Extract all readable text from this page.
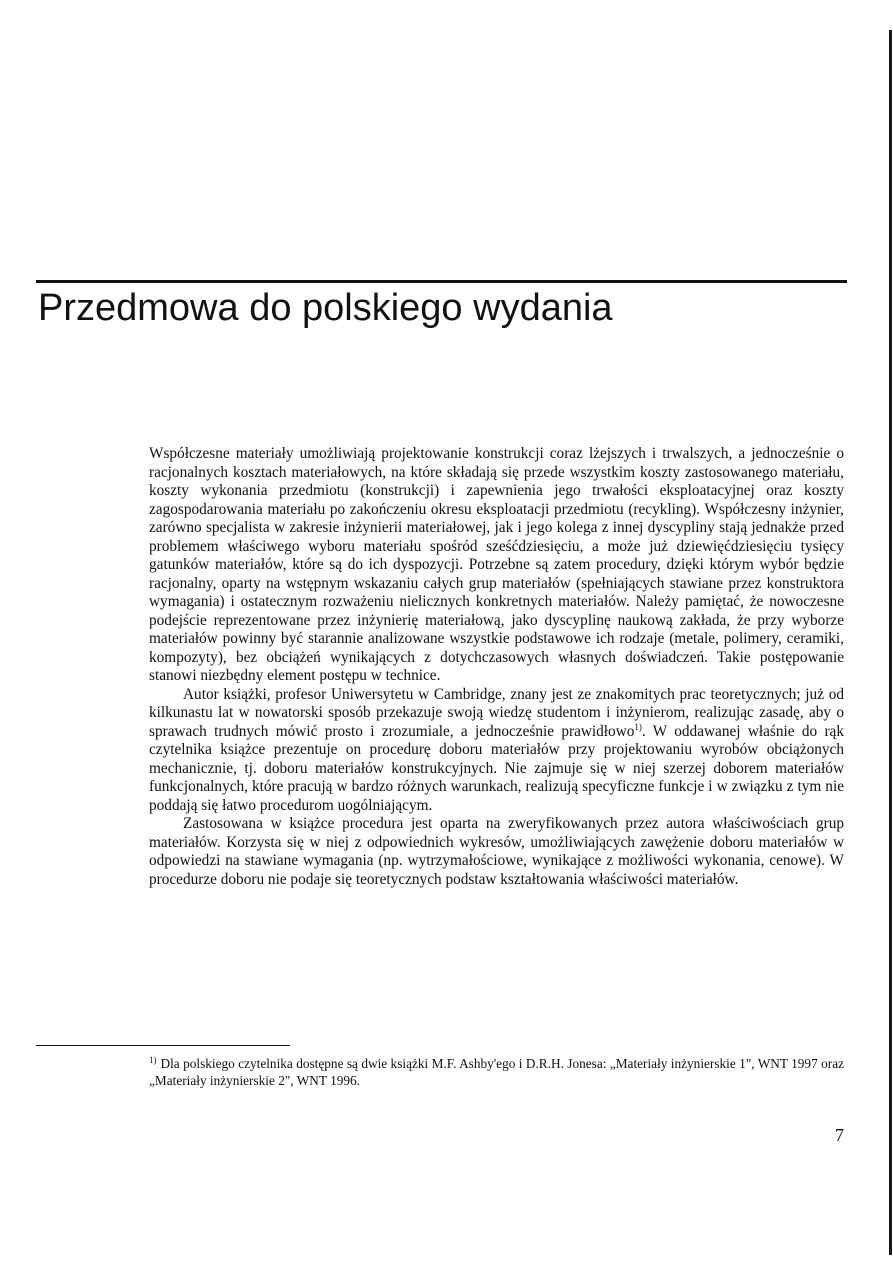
Przedmowa do polskiego wydania

Współczesne materiały umożliwiają projektowanie konstrukcji coraz lżejszych i trwalszych, a jednocześnie o racjonalnych kosztach materiałowych, na które składają się przede wszystkim koszty zastosowanego materiału, koszty wykonania przedmiotu (konstrukcji) i zapewnienia jego trwałości eksploatacyjnej oraz koszty zagospodarowania materiału po zakończeniu okresu eksploatacji przedmiotu (recykling). Współczesny inżynier, zarówno specjalista w zakresie inżynierii materiałowej, jak i jego kolega z innej dyscypliny stają jednakże przed problemem właściwego wyboru materiału spośród sześćdziesięciu, a może już dziewięćdziesięciu tysięcy gatunków materiałów, które są do ich dyspozycji. Potrzebne są zatem procedury, dzięki którym wybór będzie racjonalny, oparty na wstępnym wskazaniu całych grup materiałów (spełniających stawiane przez konstruktora wymagania) i ostatecznym rozważeniu nielicznych konkretnych materiałów. Należy pamiętać, że nowoczesne podejście reprezentowane przez inżynierię materiałową, jako dyscyplinę naukową zakłada, że przy wyborze materiałów powinny być starannie analizowane wszystkie podstawowe ich rodzaje (metale, polimery, ceramiki, kompozyty), bez obciążeń wynikających z dotychczasowych własnych doświadczeń. Takie postępowanie stanowi niezbędny element postępu w technice.

Autor książki, profesor Uniwersytetu w Cambridge, znany jest ze znakomitych prac teoretycznych; już od kilkunastu lat w nowatorski sposób przekazuje swoją wiedzę studentom i inżynierom, realizując zasadę, aby o sprawach trudnych mówić prosto i zrozumiale, a jednocześnie prawidłowo$^{1)}$. W oddawanej właśnie do rąk czytelnika książce prezentuje on procedurę doboru materiałów przy projektowaniu wyrobów obciążonych mechanicznie, tj. doboru materiałów konstrukcyjnych. Nie zajmuje się w niej szerzej doborem materiałów funkcjonalnych, które pracują w bardzo różnych warunkach, realizują specyficzne funkcje i w związku z tym nie poddają się łatwo procedurom uogólniającym.

Zastosowana w książce procedura jest oparta na zweryfikowanych przez autora właściwościach grup materiałów. Korzysta się w niej z odpowiednich wykresów, umożliwiających zawężenie doboru materiałów w odpowiedzi na stawiane wymagania (np. wytrzymałościowe, wynikające z możliwości wykonania, cenowe). W procedurze doboru nie podaje się teoretycznych podstaw kształtowania właściwości materiałów.

$^{1)}$ Dla polskiego czytelnika dostępne są dwie książki M.F. Ashby'ego i D.R.H. Jonesa: „Materiały inżynierskie 1", WNT 1997 oraz „Materiały inżynierskie 2", WNT 1996.
7
